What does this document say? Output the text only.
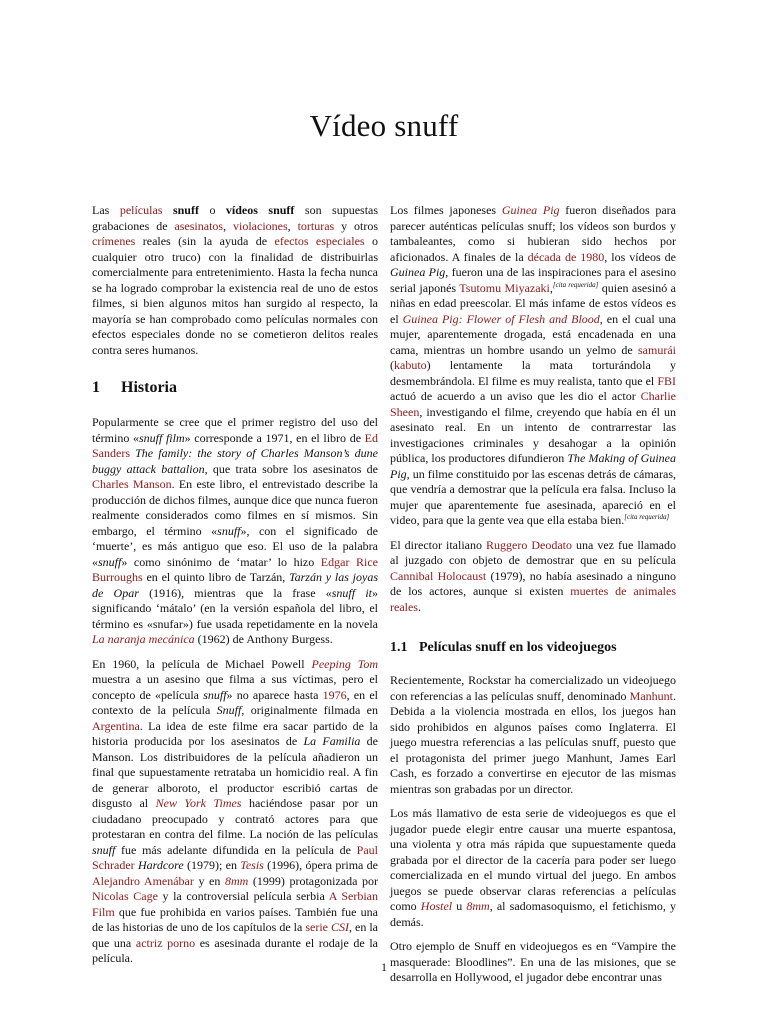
Vídeo snuff

Las películas snuff o vídeos snuff son supuestas grabaciones de asesinatos, violaciones, torturas y otros crímenes reales (sin la ayuda de efectos especiales o cualquier otro truco) con la finalidad de distribuirlas comercialmente para entretenimiento. Hasta la fecha nunca se ha logrado comprobar la existencia real de uno de estos filmes, si bien algunos mitos han surgido al respecto, la mayoría se han comprobado como películas normales con efectos especiales donde no se cometieron delitos reales contra seres humanos.

1 Historia

Popularmente se cree que el primer registro del uso del término «snuff film» corresponde a 1971, en el libro de Ed Sanders The family: the story of Charles Manson’s dune buggy attack battalion, que trata sobre los asesinatos de Charles Manson. En este libro, el entrevistado describe la producción de dichos filmes, aunque dice que nunca fueron realmente considerados como filmes en sí mismos. Sin embargo, el término «snuff», con el significado de ‘muerte’, es más antiguo que eso. El uso de la palabra «snuff» como sinónimo de ‘matar’ lo hizo Edgar Rice Burroughs en el quinto libro de Tarzán, Tarzán y las joyas de Opar (1916), mientras que la frase «snuff it» significando ‘mátalo’ (en la versión española del libro, el término es «snufar») fue usada repetidamente en la novela La naranja mecánica (1962) de Anthony Burgess.

En 1960, la película de Michael Powell Peeping Tom muestra a un asesino que filma a sus víctimas, pero el concepto de «película snuff» no aparece hasta 1976, en el contexto de la película Snuff, originalmente filmada en Argentina. La idea de este filme era sacar partido de la historia producida por los asesinatos de La Familia de Manson. Los distribuidores de la película añadieron un final que supuestamente retrataba un homicidio real. A fin de generar alboroto, el productor escribió cartas de disgusto al New York Times haciéndose pasar por un ciudadano preocupado y contrató actores para que protestaran en contra del filme. La noción de las películas snuff fue más adelante difundida en la película de Paul Schrader Hardcore (1979); en Tesis (1996), ópera prima de Alejandro Amenábar y en 8mm (1999) protagonizada por Nicolas Cage y la controversial película serbia A Serbian Film que fue prohibida en varios países. También fue una de las historias de uno de los capítulos de la serie CSI, en la que una actriz porno es asesinada durante el rodaje de la película.

Los filmes japoneses Guinea Pig fueron diseñados para parecer auténticas películas snuff; los vídeos son burdos y tambaleantes, como si hubieran sido hechos por aficionados. A finales de la década de 1980, los vídeos de Guinea Pig, fueron una de las inspiraciones para el asesino serial japonés Tsutomu Miyazaki,[cita requerida] quien asesinó a niñas en edad preescolar. El más infame de estos vídeos es el Guinea Pig: Flower of Flesh and Blood, en el cual una mujer, aparentemente drogada, está encadenada en una cama, mientras un hombre usando un yelmo de samurái (kabuto) lentamente la mata torturándola y desmembrándola. El filme es muy realista, tanto que el FBI actuó de acuerdo a un aviso que les dio el actor Charlie Sheen, investigando el filme, creyendo que había en él un asesinato real. En un intento de contrarrestar las investigaciones criminales y desahogar a la opinión pública, los productores difundieron The Making of Guinea Pig, un filme constituido por las escenas detrás de cámaras, que vendría a demostrar que la película era falsa. Incluso la mujer que aparentemente fue asesinada, apareció en el video, para que la gente vea que ella estaba bien.[cita requerida]

El director italiano Ruggero Deodato una vez fue llamado al juzgado con objeto de demostrar que en su película Cannibal Holocaust (1979), no había asesinado a ninguno de los actores, aunque si existen muertes de animales reales.

1.1 Películas snuff en los videojuegos

Recientemente, Rockstar ha comercializado un videojuego con referencias a las películas snuff, denominado Manhunt. Debida a la violencia mostrada en ellos, los juegos han sido prohibidos en algunos países como Inglaterra. El juego muestra referencias a las películas snuff, puesto que el protagonista del primer juego Manhunt, James Earl Cash, es forzado a convertirse en ejecutor de las mismas mientras son grabadas por un director.

Los más llamativo de esta serie de videojuegos es que el jugador puede elegir entre causar una muerte espantosa, una violenta y otra más rápida que supuestamente queda grabada por el director de la cacería para poder ser luego comercializada en el mundo virtual del juego. En ambos juegos se puede observar claras referencias a películas como Hostel u 8mm, al sadomasoquismo, el fetichismo, y demás.

Otro ejemplo de Snuff en videojuegos es en “Vampire the masquerade: Bloodlines”. En una de las misiones, que se desarrolla en Hollywood, el jugador debe encontrar unas

1
